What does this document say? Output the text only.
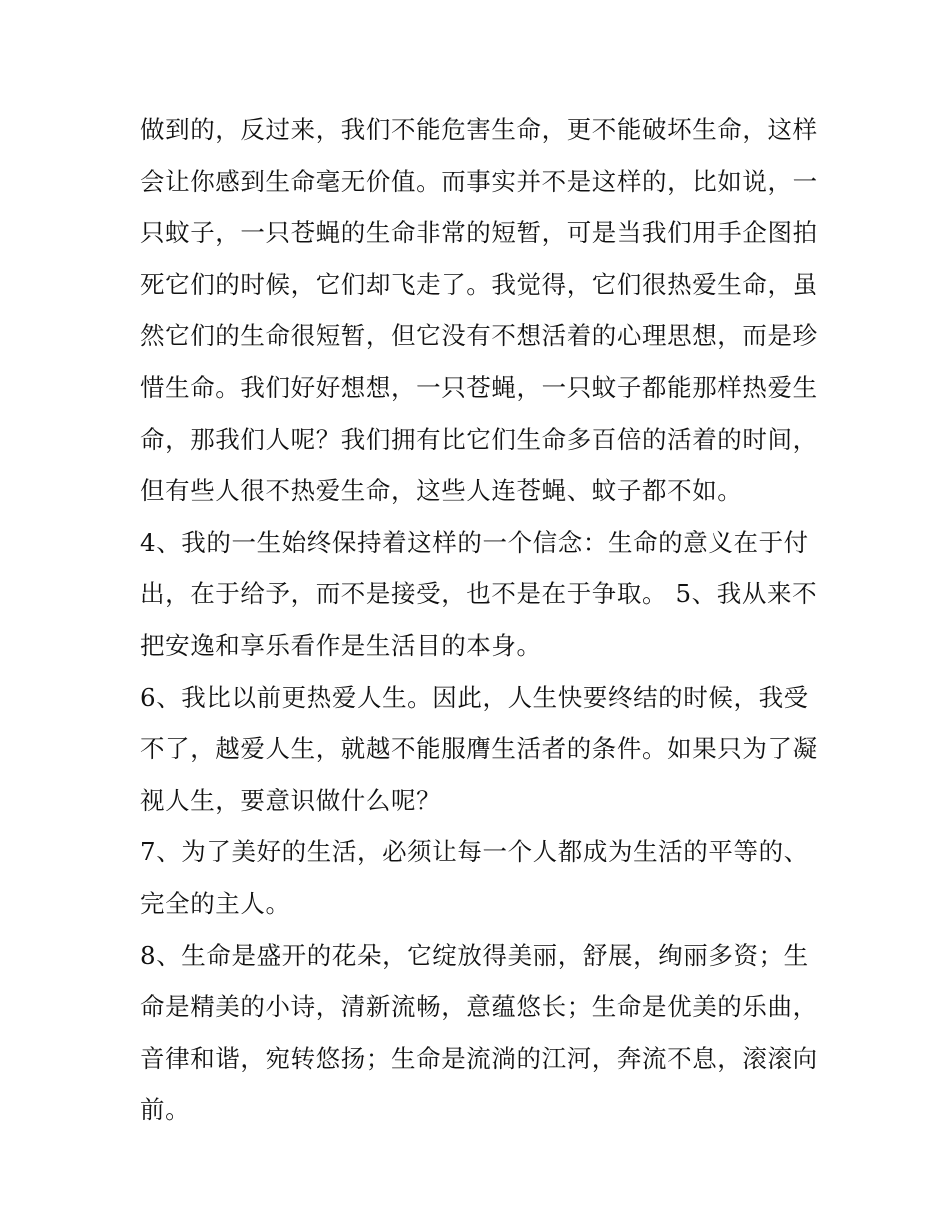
做到的，反过来，我们不能危害生命，更不能破坏生命，这样会让你感到生命毫无价值。而事实并不是这样的，比如说，一只蚊子，一只苍蝇的生命非常的短暂，可是当我们用手企图拍死它们的时候，它们却飞走了。我觉得，它们很热爱生命，虽然它们的生命很短暂，但它没有不想活着的心理思想，而是珍惜生命。我们好好想想，一只苍蝇，一只蚊子都能那样热爱生命，那我们人呢？我们拥有比它们生命多百倍的活着的时间，但有些人很不热爱生命，这些人连苍蝇、蚊子都不如。

4、我的一生始终保持着这样的一个信念：生命的意义在于付出，在于给予，而不是接受，也不是在于争取。 5、我从来不把安逸和享乐看作是生活目的本身。

6、我比以前更热爱人生。因此，人生快要终结的时候，我受不了，越爱人生，就越不能服膺生活者的条件。如果只为了凝视人生，要意识做什么呢？

7、为了美好的生活，必须让每一个人都成为生活的平等的、完全的主人。

8、生命是盛开的花朵，它绽放得美丽，舒展，绚丽多资；生命是精美的小诗，清新流畅，意蕴悠长；生命是优美的乐曲，音律和谐，宛转悠扬；生命是流淌的江河，奔流不息，滚滚向前。
